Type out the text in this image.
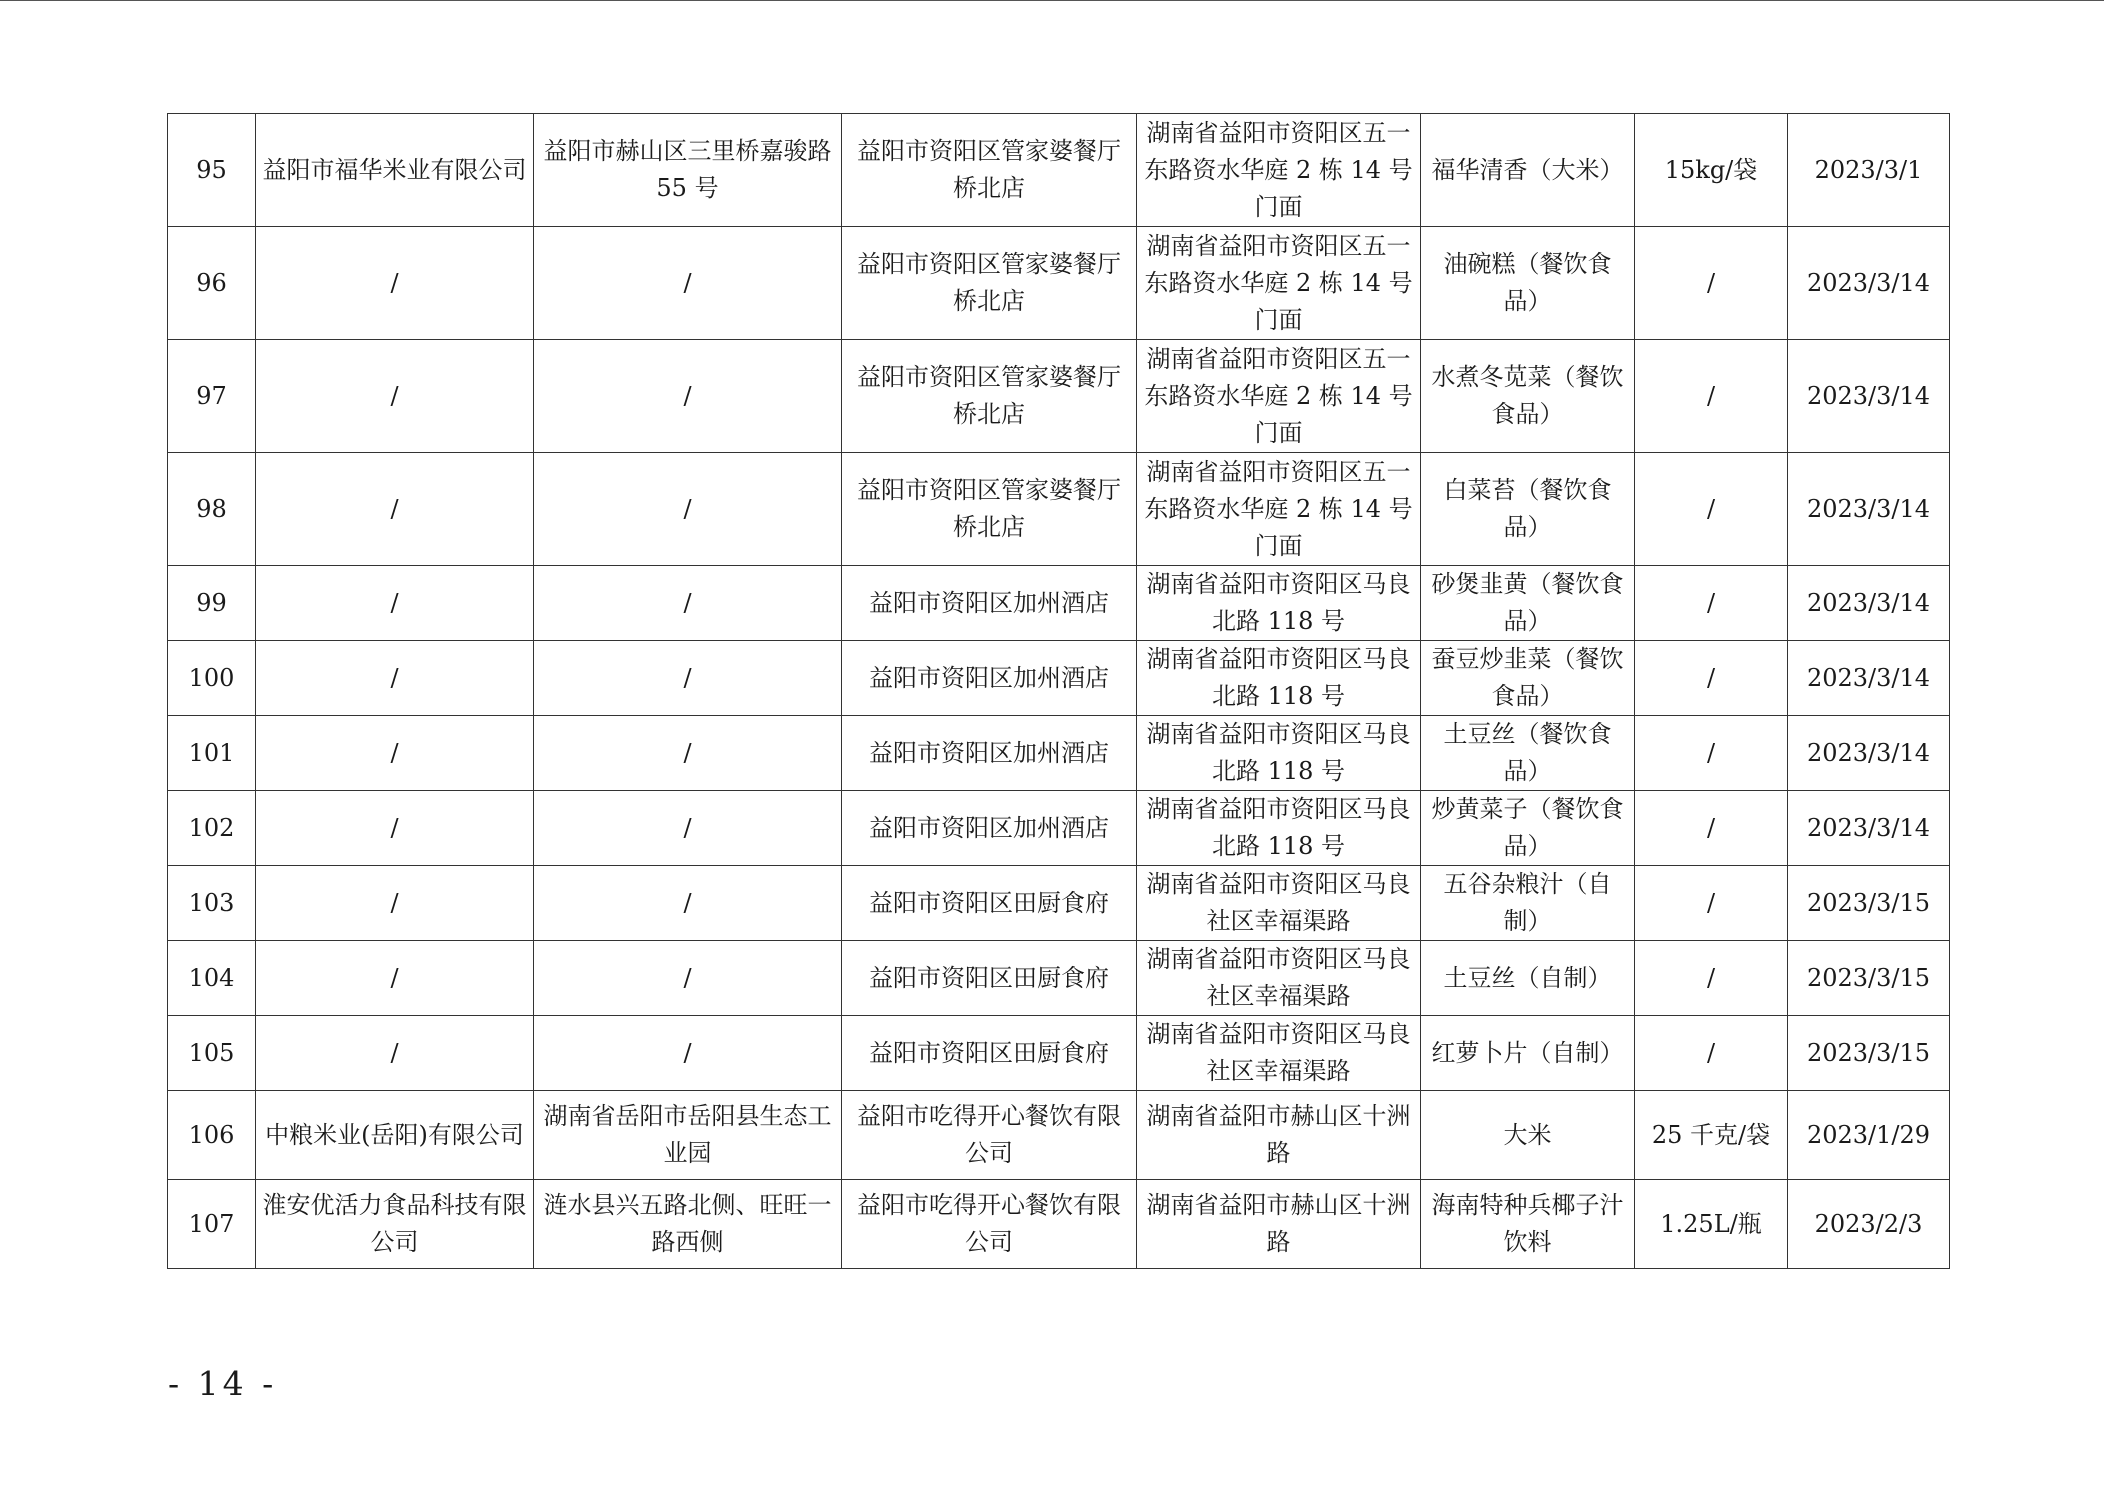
95	益阳市福华米业有限公司	益阳市赫山区三里桥嘉骏路 55 号	益阳市资阳区管家婆餐厅桥北店	湖南省益阳市资阳区五一东路资水华庭 2 栋 14 号门面	福华清香（大米）	15kg/袋	2023/3/1
96	/	/	益阳市资阳区管家婆餐厅桥北店	湖南省益阳市资阳区五一东路资水华庭 2 栋 14 号门面	油碗糕（餐饮食品）	/	2023/3/14
97	/	/	益阳市资阳区管家婆餐厅桥北店	湖南省益阳市资阳区五一东路资水华庭 2 栋 14 号门面	水煮冬苋菜（餐饮食品）	/	2023/3/14
98	/	/	益阳市资阳区管家婆餐厅桥北店	湖南省益阳市资阳区五一东路资水华庭 2 栋 14 号门面	白菜苔（餐饮食品）	/	2023/3/14
99	/	/	益阳市资阳区加州酒店	湖南省益阳市资阳区马良北路 118 号	砂煲韭黄（餐饮食品）	/	2023/3/14
100	/	/	益阳市资阳区加州酒店	湖南省益阳市资阳区马良北路 118 号	蚕豆炒韭菜（餐饮食品）	/	2023/3/14
101	/	/	益阳市资阳区加州酒店	湖南省益阳市资阳区马良北路 118 号	土豆丝（餐饮食品）	/	2023/3/14
102	/	/	益阳市资阳区加州酒店	湖南省益阳市资阳区马良北路 118 号	炒黄菜子（餐饮食品）	/	2023/3/14
103	/	/	益阳市资阳区田厨食府	湖南省益阳市资阳区马良社区幸福渠路	五谷杂粮汁（自制）	/	2023/3/15
104	/	/	益阳市资阳区田厨食府	湖南省益阳市资阳区马良社区幸福渠路	土豆丝（自制）	/	2023/3/15
105	/	/	益阳市资阳区田厨食府	湖南省益阳市资阳区马良社区幸福渠路	红萝卜片（自制）	/	2023/3/15
106	中粮米业(岳阳)有限公司	湖南省岳阳市岳阳县生态工业园	益阳市吃得开心餐饮有限公司	湖南省益阳市赫山区十洲路	大米	25 千克/袋	2023/1/29
107	淮安优活力食品科技有限公司	涟水县兴五路北侧、旺旺一路西侧	益阳市吃得开心餐饮有限公司	湖南省益阳市赫山区十洲路	海南特种兵椰子汁饮料	1.25L/瓶	2023/2/3
- 14 -
